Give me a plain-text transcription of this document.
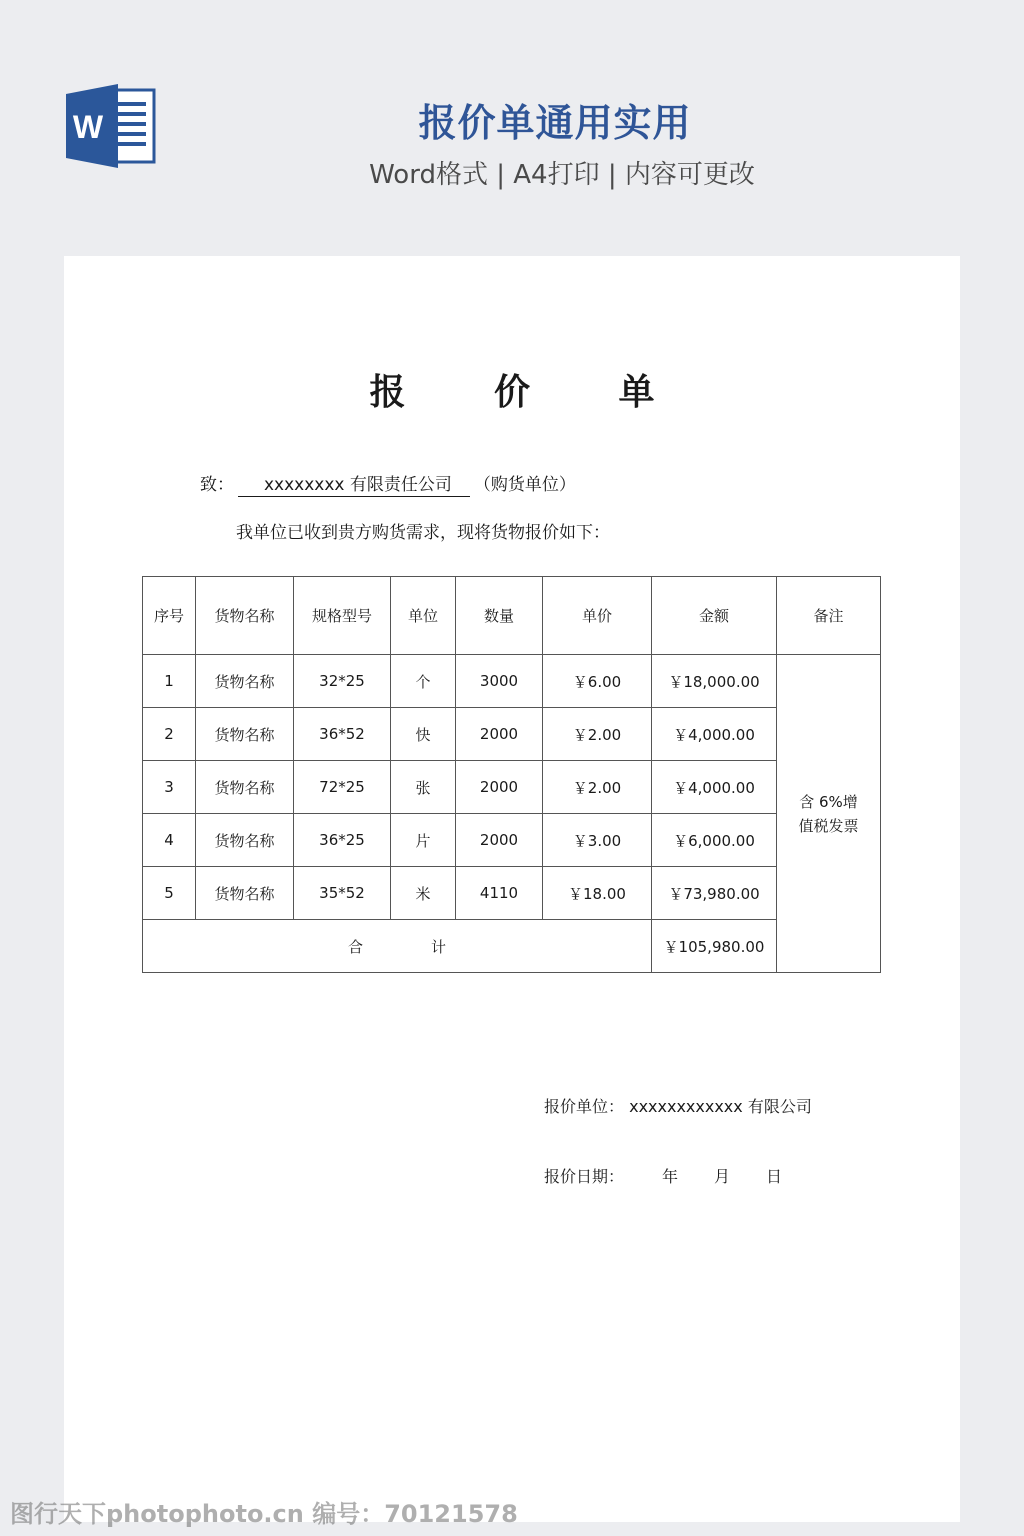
W	报价单通用实用
Word格式 | A4打印 | 内容可更改
报 价 单
致： xxxxxxxx 有限责任公司 （购货单位）
我单位已收到贵方购货需求，现将货物报价如下：
序号	货物名称	规格型号	单位	数量	单价	金额	备注
1	货物名称	32*25	个	3000	￥6.00	￥18,000.00	含 6%增
值税发票

2	货物名称	36*52	快	2000	￥2.00	￥4,000.00	
3	货物名称	72*25	张	2000	￥2.00	￥4,000.00	
4	货物名称	36*25	片	2000	￥3.00	￥6,000.00	
5	货物名称	35*52	米	4110	￥18.00	￥73,980.00	
合 计						￥105,980.00	
报价单位： xxxxxxxxxxxx 有限公司
报价日期： 年 月 日
图行天下photophoto.cn 编号：70121578
